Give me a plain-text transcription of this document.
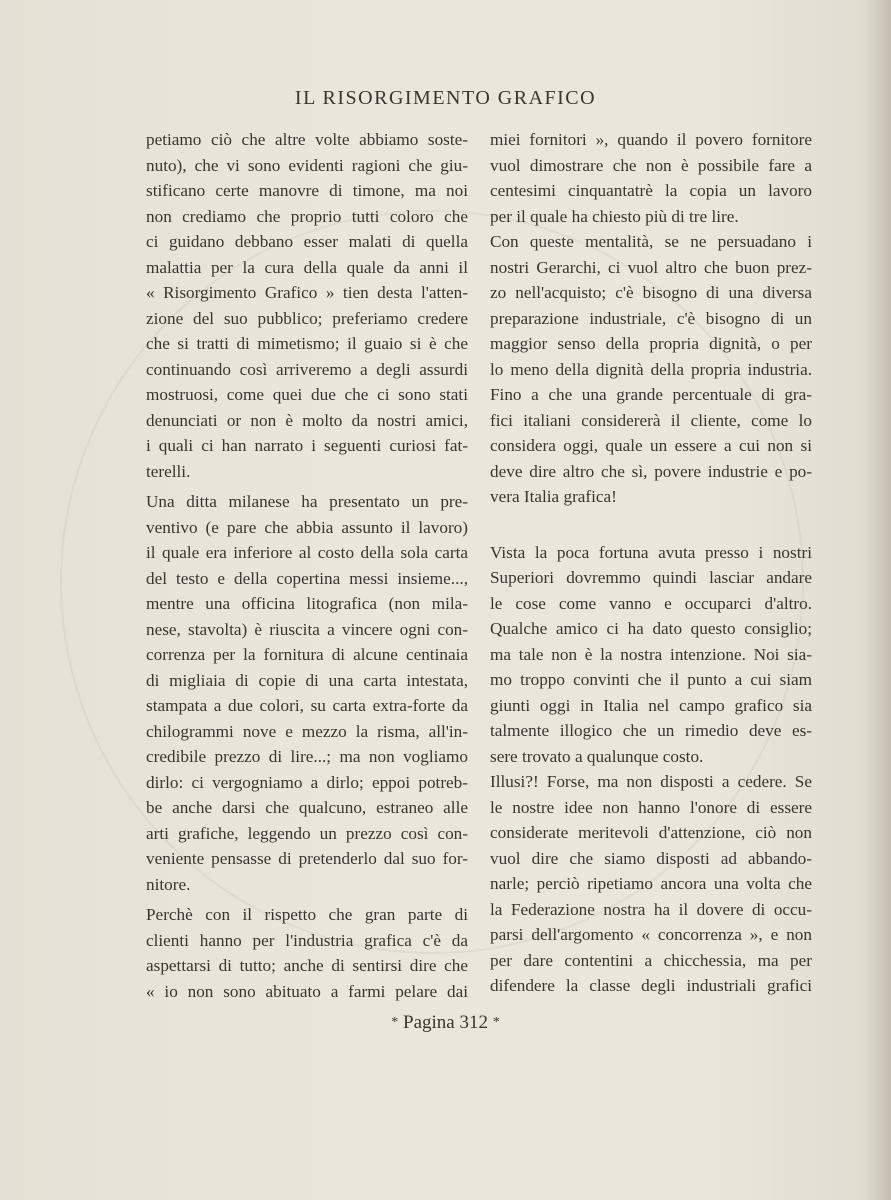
IL RISORGIMENTO GRAFICO
petiamo ciò che altre volte abbiamo soste-
nuto), che vi sono evidenti ragioni che giu-
stificano certe manovre di timone, ma noi
non crediamo che proprio tutti coloro che
ci guidano debbano esser malati di quella
malattia per la cura della quale da anni il
« Risorgimento Grafico » tien desta l'atten-
zione del suo pubblico; preferiamo credere
che si tratti di mimetismo; il guaio si è che
continuando così arriveremo a degli assurdi
mostruosi, come quei due che ci sono stati
denunciati or non è molto da nostri amici,
i quali ci han narrato i seguenti curiosi fat-
terelli.
Una ditta milanese ha presentato un pre-
ventivo (e pare che abbia assunto il lavoro)
il quale era inferiore al costo della sola carta
del testo e della copertina messi insieme...,
mentre una officina litografica (non mila-
nese, stavolta) è riuscita a vincere ogni con-
correnza per la fornitura di alcune centinaia
di migliaia di copie di una carta intestata,
stampata a due colori, su carta extra-forte da
chilogrammi nove e mezzo la risma, all'in-
credibile prezzo di lire...; ma non vogliamo
dirlo: ci vergogniamo a dirlo; eppoi potreb-
be anche darsi che qualcuno, estraneo alle
arti grafiche, leggendo un prezzo così con-
veniente pensasse di pretenderlo dal suo for-
nitore.
Perchè con il rispetto che gran parte di
clienti hanno per l'industria grafica c'è da
aspettarsi di tutto; anche di sentirsi dire che
« io non sono abituato a farmi pelare dai
miei fornitori », quando il povero fornitore
vuol dimostrare che non è possibile fare a
centesimi cinquantatrè la copia un lavoro
per il quale ha chiesto più di tre lire.
Con queste mentalità, se ne persuadano i
nostri Gerarchi, ci vuol altro che buon prez-
zo nell'acquisto; c'è bisogno di una diversa
preparazione industriale, c'è bisogno di un
maggior senso della propria dignità, o per
lo meno della dignità della propria industria.
Fino a che una grande percentuale di gra-
fici italiani considererà il cliente, come lo
considera oggi, quale un essere a cui non si
deve dire altro che sì, povere industrie e po-
vera Italia grafica!
Vista la poca fortuna avuta presso i nostri
Superiori dovremmo quindi lasciar andare
le cose come vanno e occuparci d'altro.
Qualche amico ci ha dato questo consiglio;
ma tale non è la nostra intenzione. Noi sia-
mo troppo convinti che il punto a cui siam
giunti oggi in Italia nel campo grafico sia
talmente illogico che un rimedio deve es-
sere trovato a qualunque costo.
Illusi?! Forse, ma non disposti a cedere. Se
le nostre idee non hanno l'onore di essere
considerate meritevoli d'attenzione, ciò non
vuol dire che siamo disposti ad abbando-
narle; perciò ripetiamo ancora una volta che
la Federazione nostra ha il dovere di occu-
parsi dell'argomento « concorrenza », e non
per dare contentini a chicchessia, ma per
difendere la classe degli industriali grafici
* Pagina 312 *
